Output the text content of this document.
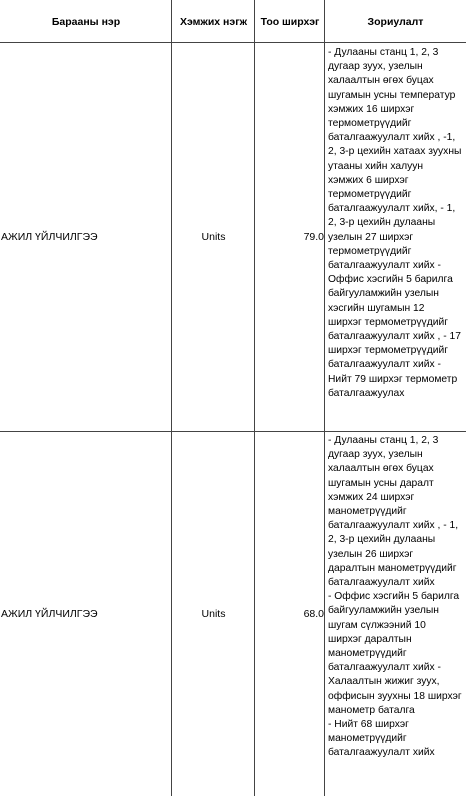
Барааны нэр	Хэмжих нэгж	Тоо ширхэг	Зориулалт
АЖИЛ ҮЙЛЧИЛГЭЭ	Units	79.0
- Дулааны станц 1, 2, 3
дугаар зуух, узелын
халаалтын өгөх буцах
шугамын усны температур
хэмжих 16 ширхэг
термометрүүдийг
баталгаажуулалт хийх , -1,
2, 3-р цехийн хатаах зуухны
утааны хийн халуун
хэмжих 6 ширхэг
термометрүүдийг
баталгаажуулалт хийх, - 1,
2, 3-р цехийн дулааны
узелын 27 ширхэг
термометрүүдийг
баталгаажуулалт хийх -
Оффис хэсгийн 5 барилга
байгууламжийн узелын
хэсгийн шугамын 12
ширхэг термометрүүдийг
баталгаажуулалт хийх , - 17
ширхэг термометрүүдийг
баталгаажуулалт хийх -
Нийт 79 ширхэг термометр
баталгаажуулах
АЖИЛ ҮЙЛЧИЛГЭЭ	Units	68.0
- Дулааны станц 1, 2, 3
дугаар зуух, узелын
халаалтын өгөх буцах
шугамын усны даралт
хэмжих 24 ширхэг
манометрүүдийг
баталгаажуулалт хийх , - 1,
2, 3-р цехийн дулааны
узелын 26 ширхэг
даралтын манометрүүдийг
баталгаажуулалт хийх
- Оффис хэсгийн 5 барилга
байгууламжийн узелын
шугам сүлжээний 10
ширхэг даралтын
манометрүүдийг
баталгаажуулалт хийх -
Халаалтын жижиг зуух,
оффисын зуухны 18 ширхэг
манометр баталга
- Нийт 68 ширхэг
манометрүүдийг
баталгаажуулалт хийх
